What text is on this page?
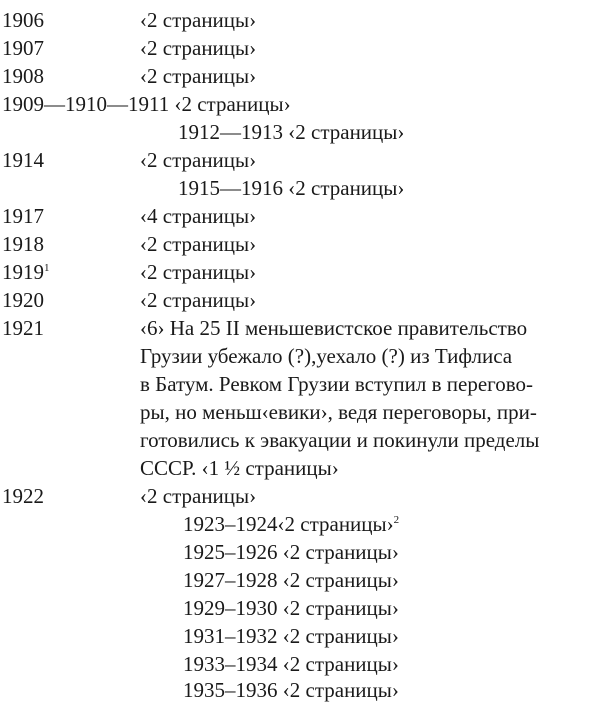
1906	‹2 страницы›
1907	‹2 страницы›
1908	‹2 страницы›
1909—1910—1911 ‹2 страницы›
1912—1913 ‹2 страницы›
1914	‹2 страницы›
1915—1916 ‹2 страницы›
1917	‹4 страницы›
1918	‹2 страницы›
1919$^1$	‹2 страницы›
1920	‹2 страницы›
1921	‹6› На 25 II меньшевистское правительство
Грузии убежало (?),уехало (?) из Тифлиса
в Батум. Ревком Грузии вступил в перегово-
ры, но меньш‹евики›, ведя переговоры, при-
готовились к эвакуации и покинули пределы
СССР. ‹1 ½ страницы›
1922	‹2 страницы›
1923–1924‹2 страницы›$^2$
1925–1926 ‹2 страницы›
1927–1928 ‹2 страницы›
1929–1930 ‹2 страницы›
1931–1932 ‹2 страницы›
1933–1934 ‹2 страницы›
1935–1936 ‹2 страницы›
